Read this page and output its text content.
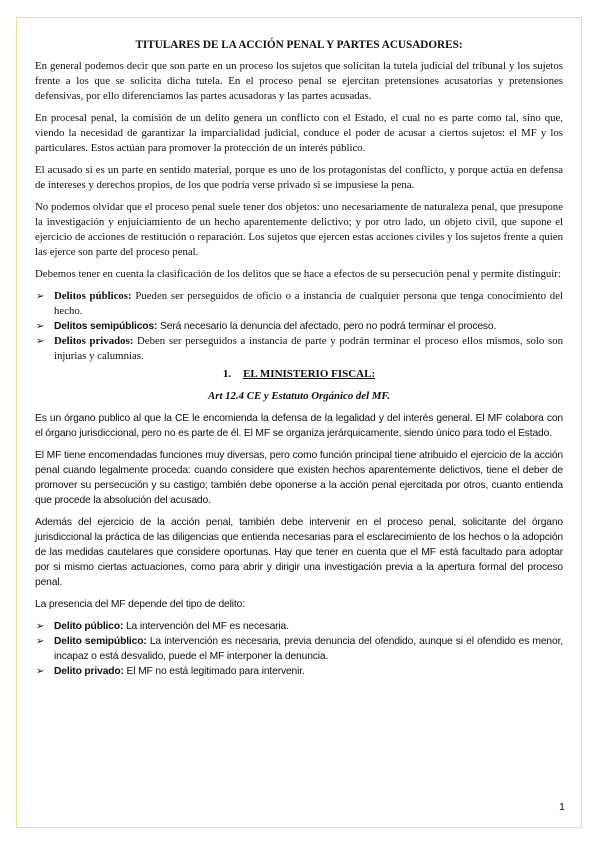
TITULARES DE LA ACCIÓN PENAL Y PARTES ACUSADORES:

En general podemos decir que son parte en un proceso los sujetos que solicitan la tutela judicial del tribunal y los sujetos frente a los que se solicita dicha tutela. En el proceso penal se ejercitan pretensiones acusatorias y pretensiones defensivas, por ello diferenciamos las partes acusadoras y las partes acusadas.

En procesal penal, la comisión de un delito genera un conflicto con el Estado, el cual no es parte como tal, sino que, viendo la necesidad de garantizar la imparcialidad judicial, conduce el poder de acusar a ciertos sujetos: el MF y los particulares. Estos actúan para promover la protección de un interés público.

El acusado si es un parte en sentido material, porque es uno de los protagonistas del conflicto, y porque actúa en defensa de intereses y derechos propios, de los que podría verse privado si se impusiese la pena.

No podemos olvidar que el proceso penal suele tener dos objetos: uno necesariamente de naturaleza penal, que presupone la investigación y enjuiciamiento de un hecho aparentemente delictivo; y por otro lado, un objeto civil, que supone el ejercicio de acciones de restitución o reparación. Los sujetos que ejercen estas acciones civiles y los sujetos frente a quien las ejerce son parte del proceso penal.

Debemos tener en cuenta la clasificación de los delitos que se hace a efectos de su persecución penal y permite distinguir:

➢ Delitos públicos: Pueden ser perseguidos de oficio o a instancia de cualquier persona que tenga conocimiento del hecho.
➢ Delitos semipúblicos: Será necesario la denuncia del afectado, pero no podrá terminar el proceso.
➢ Delitos privados: Deben ser perseguidos a instancia de parte y podrán terminar el proceso ellos mismos, solo son injurias y calumnias.
1. EL MINISTERIO FISCAL:
Art 12.4 CE y Estatuto Orgánico del MF.

Es un órgano publico al que la CE le encomienda la defensa de la legalidad y del interés general. El MF colabora con el órgano jurisdiccional, pero no es parte de él. El MF se organiza jerárquicamente, siendo único para todo el Estado.

El MF tiene encomendadas funciones muy diversas, pero como función principal tiene atribuido el ejercicio de la acción penal cuando legalmente proceda: cuando considere que existen hechos aparentemente delictivos, tiene el deber de promover su persecución y su castigo; también debe oponerse a la acción penal ejercitada por otros, cuanto entienda que procede la absolución del acusado.

Además del ejercicio de la acción penal, también debe intervenir en el proceso penal, solicitante del órgano jurisdiccional la práctica de las diligencias que entienda necesarias para el esclarecimiento de los hechos o la adopción de las medidas cautelares que considere oportunas. Hay que tener en cuenta que el MF está facultado para adoptar por si mismo ciertas actuaciones, como para abrir y dirigir una investigación previa a la apertura formal del proceso penal.

La presencia del MF depende del tipo de delito:

➢ Delito público: La intervención del MF es necesaria.
➢ Delito semipúblico: La intervención es necesaria, previa denuncia del ofendido, aunque si el ofendido es menor, incapaz o está desvalido, puede el MF interponer la denuncia.
➢ Delito privado: El MF no está legitimado para intervenir.
1
